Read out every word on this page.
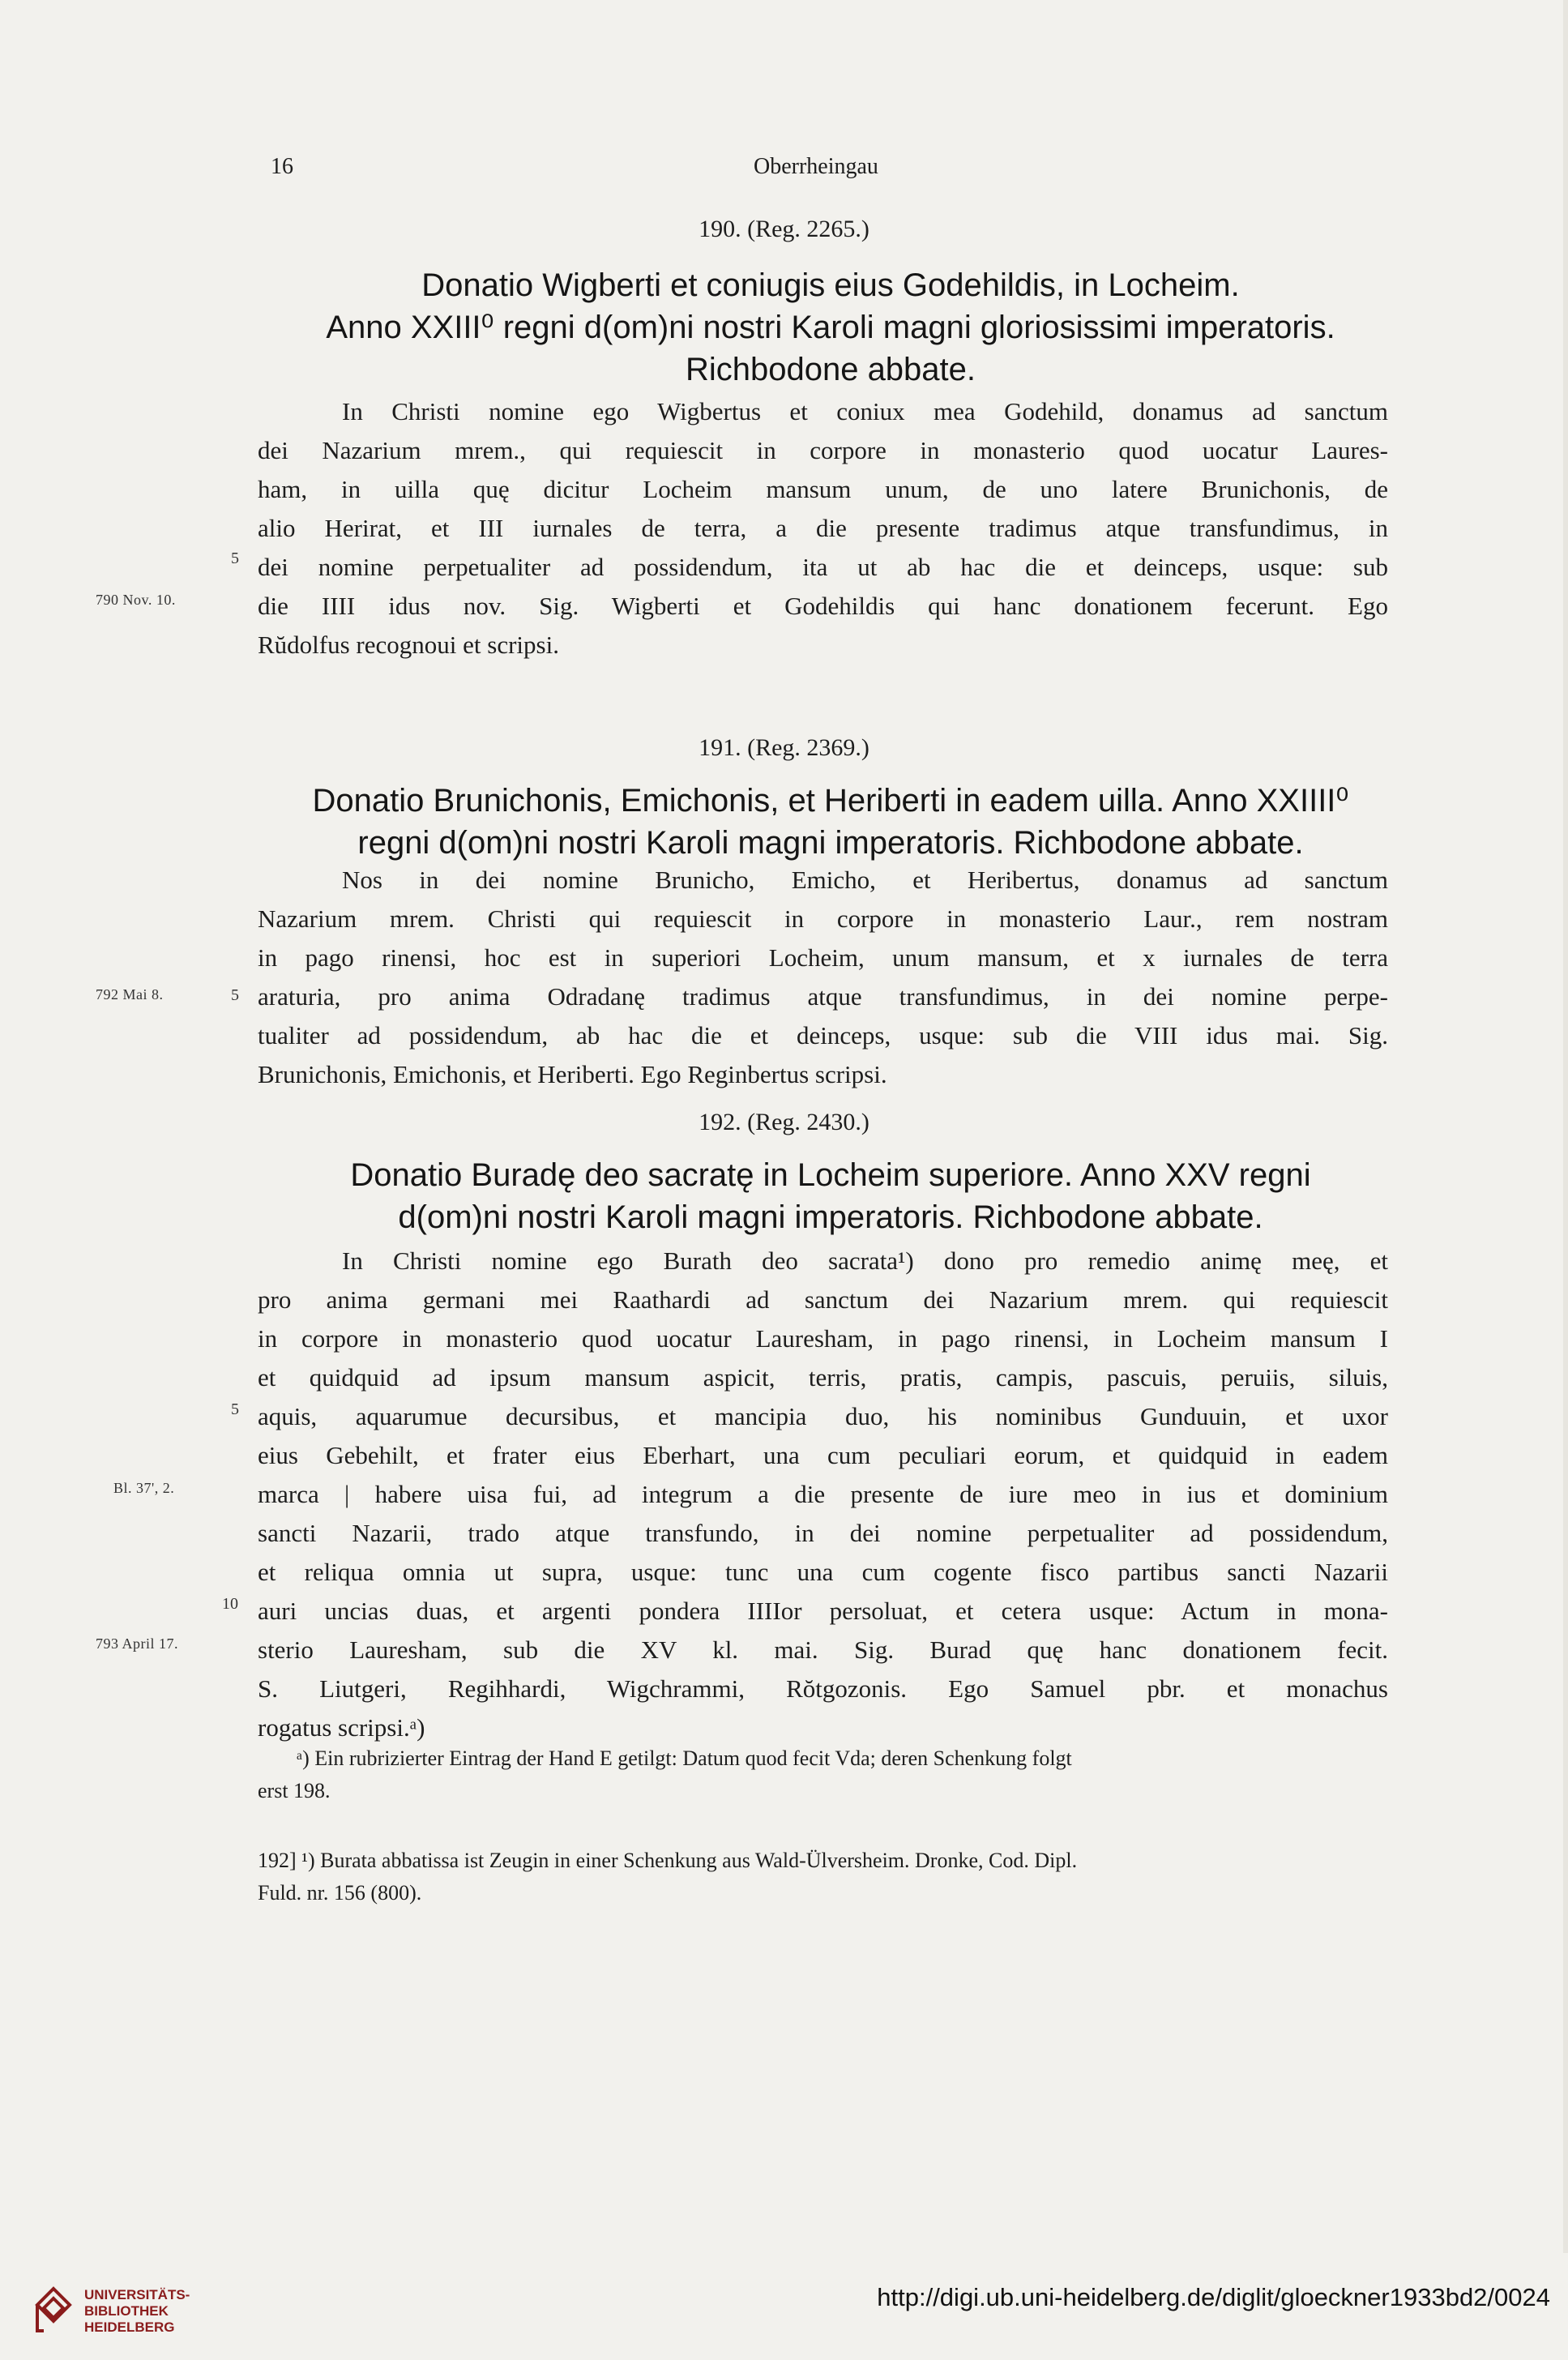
16	Oberrheingau
190. (Reg. 2265.)
Donatio Wigberti et coniugis eius Godehildis, in Locheim.
Anno XXIII⁰ regni d(om)ni nostri Karoli magni gloriosissimi imperatoris.
Richbodone abbate.
In Christi nomine ego Wigbertus et coniux mea Godehild, donamus ad sanctum
dei Nazarium mrem., qui requiescit in corpore in monasterio quod uocatur Laures-
ham, in uilla quę dicitur Locheim mansum unum, de uno latere Brunichonis, de
alio Herirat, et III iurnales de terra, a die presente tradimus atque transfundimus, in
dei nomine perpetualiter ad possidendum, ita ut ab hac die et deinceps, usque: sub
die IIII idus nov. Sig. Wigberti et Godehildis qui hanc donationem fecerunt. Ego
Rŭdolfus recognoui et scripsi.
5
790 Nov. 10.
191. (Reg. 2369.)
Donatio Brunichonis, Emichonis, et Heriberti in eadem uilla. Anno XXIIII⁰
regni d(om)ni nostri Karoli magni imperatoris. Richbodone abbate.
Nos in dei nomine Brunicho, Emicho, et Heribertus, donamus ad sanctum
Nazarium mrem. Christi qui requiescit in corpore in monasterio Laur., rem nostram
in pago rinensi, hoc est in superiori Locheim, unum mansum, et x iurnales de terra
araturia, pro anima Odradanę tradimus atque transfundimus, in dei nomine perpe-
tualiter ad possidendum, ab hac die et deinceps, usque: sub die VIII idus mai. Sig.
Brunichonis, Emichonis, et Heriberti. Ego Reginbertus scripsi.
5
792 Mai 8.
192. (Reg. 2430.)
Donatio Buradę deo sacratę in Locheim superiore. Anno XXV regni
d(om)ni nostri Karoli magni imperatoris. Richbodone abbate.
In Christi nomine ego Burath deo sacrata¹) dono pro remedio animę meę, et
pro anima germani mei Raathardi ad sanctum dei Nazarium mrem. qui requiescit
in corpore in monasterio quod uocatur Lauresham, in pago rinensi, in Locheim mansum I
et quidquid ad ipsum mansum aspicit, terris, pratis, campis, pascuis, peruiis, siluis,
aquis, aquarumue decursibus, et mancipia duo, his nominibus Gunduuin, et uxor
eius Gebehilt, et frater eius Eberhart, una cum peculiari eorum, et quidquid in eadem
marca | habere uisa fui, ad integrum a die presente de iure meo in ius et dominium
sancti Nazarii, trado atque transfundo, in dei nomine perpetualiter ad possidendum,
et reliqua omnia ut supra, usque: tunc una cum cogente fisco partibus sancti Nazarii
auri uncias duas, et argenti pondera IIIIor persoluat, et cetera usque: Actum in mona-
sterio Lauresham, sub die XV kl. mai. Sig. Burad quę hanc donationem fecit.
S. Liutgeri, Regihhardi, Wigchrammi, Rŏtgozonis. Ego Samuel pbr. et monachus
rogatus scripsi.ᵃ)
5
10
Bl. 37', 2.
793 April 17.
ᵃ) Ein rubrizierter Eintrag der Hand E getilgt: Datum quod fecit Vda; deren Schenkung folgt
erst 198.
192] ¹) Burata abbatissa ist Zeugin in einer Schenkung aus Wald-Ülversheim. Dronke, Cod. Dipl.
Fuld. nr. 156 (800).
UNIVERSITÄTS-
BIBLIOTHEK
HEIDELBERG
http://digi.ub.uni-heidelberg.de/diglit/gloeckner1933bd2/0024
